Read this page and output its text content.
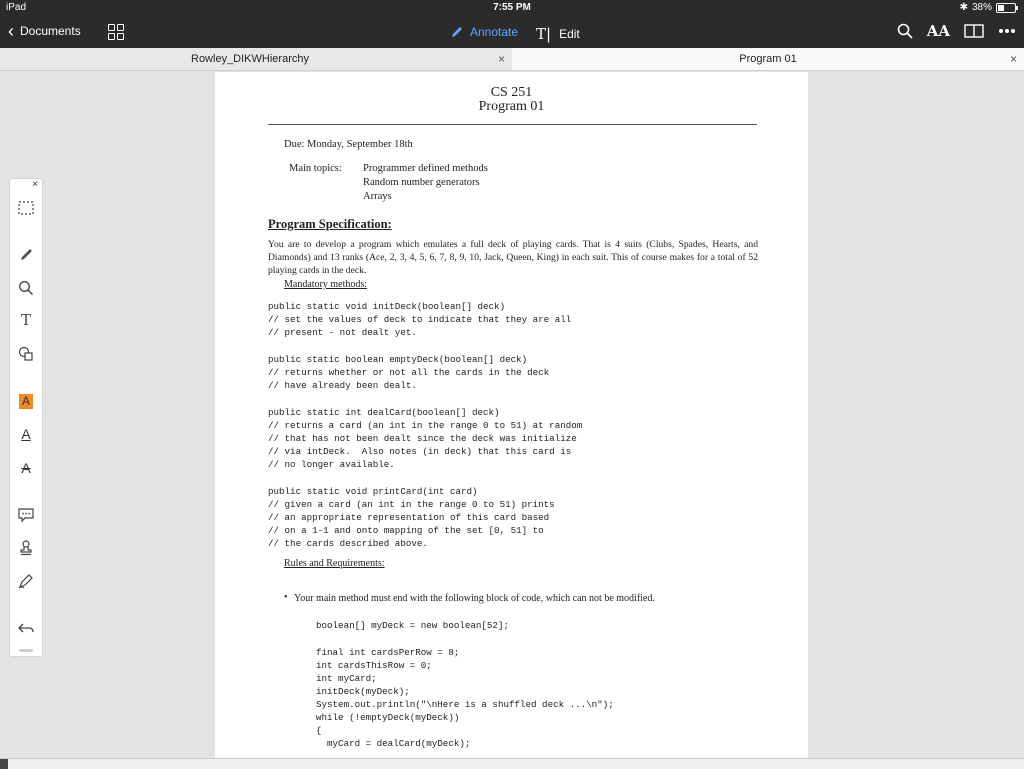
iPad	7:55 PM	✱ 38%
‹ Documents	Annotate T| Edit	AA
Rowley_DIKWHierarchy	×	Program 01	×
×
T
A
A
A
CS 251
Program 01
Due: Monday, September 18th
Main topics: Programmer defined methods
Random number generators
Arrays
Program Specification:
You are to develop a program which emulates a full deck of playing cards. That is 4 suits (Clubs, Spades, Hearts, and Diamonds) and 13 ranks (Ace, 2, 3, 4, 5, 6, 7, 8, 9, 10, Jack, Queen, King) in each suit. This of course makes for a total of 52 playing cards in the deck.
Mandatory methods:
public static void initDeck(boolean[] deck)
// set the values of deck to indicate that they are all
// present - not dealt yet.
public static boolean emptyDeck(boolean[] deck)
// returns whether or not all the cards in the deck
// have already been dealt.
public static int dealCard(boolean[] deck)
// returns a card (an int in the range 0 to 51) at random
// that has not been dealt since the deck was initialize
// via intDeck.  Also notes (in deck) that this card is
// no longer available.
public static void printCard(int card)
// given a card (an int in the range 0 to 51) prints
// an appropriate representation of this card based
// on a 1-1 and onto mapping of the set [0, 51] to
// the cards described above.
Rules and Requirements:
• Your main method must end with the following block of code, which can not be modified.
boolean[] myDeck = new boolean[52];
final int cardsPerRow = 8;
int cardsThisRow = 0;
int myCard;
initDeck(myDeck);
System.out.println("\nHere is a shuffled deck ...\n");
while (!emptyDeck(myDeck))
{
myCard = dealCard(myDeck);
